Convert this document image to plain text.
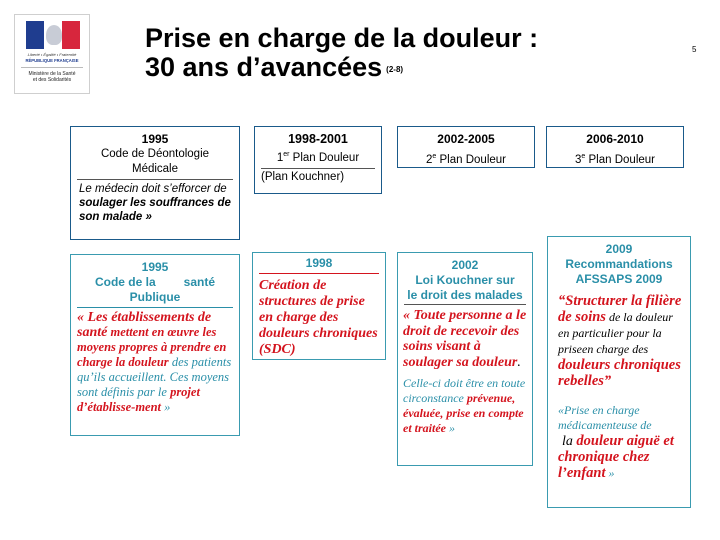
Liberté • Égalité • Fraternité
RÉPUBLIQUE FRANÇAISE
Ministère de la Santé
et des Solidarités
Prise en charge de la douleur :
30 ans d’avancées $^{(2-8)}$
5
1995
Code de Déontologie
Médicale

Le médecin doit s’efforcer de soulager les souffrances de son malade »

1998-2001
1er Plan Douleur

(Plan Kouchner)

2002-2005
2e Plan Douleur
2006-2010
3e Plan Douleur
1995
Code de la santé
Publique

« Les établissements de santé mettent en œuvre les moyens propres à prendre en charge la douleur des patients qu’ils accueillent. Ces moyens sont définis par le projet d’établisse-ment »

1998

Création de structures de prise en charge des douleurs chroniques (SDC)

2002
Loi Kouchner sur
le droit des malades

« Toute personne a le droit de recevoir des soins visant à soulager sa douleur.

Celle-ci doit être en toute circonstance prévenue, évaluée, prise en compte et traitée »

2009
Recommandations
AFSSAPS 2009

“Structurer la filière de soins de la douleur en particulier pour la priseen charge des douleurs chroniques rebelles”

«Prise en charge médicamenteuse de
la douleur aiguë et chronique chez l’enfant »
